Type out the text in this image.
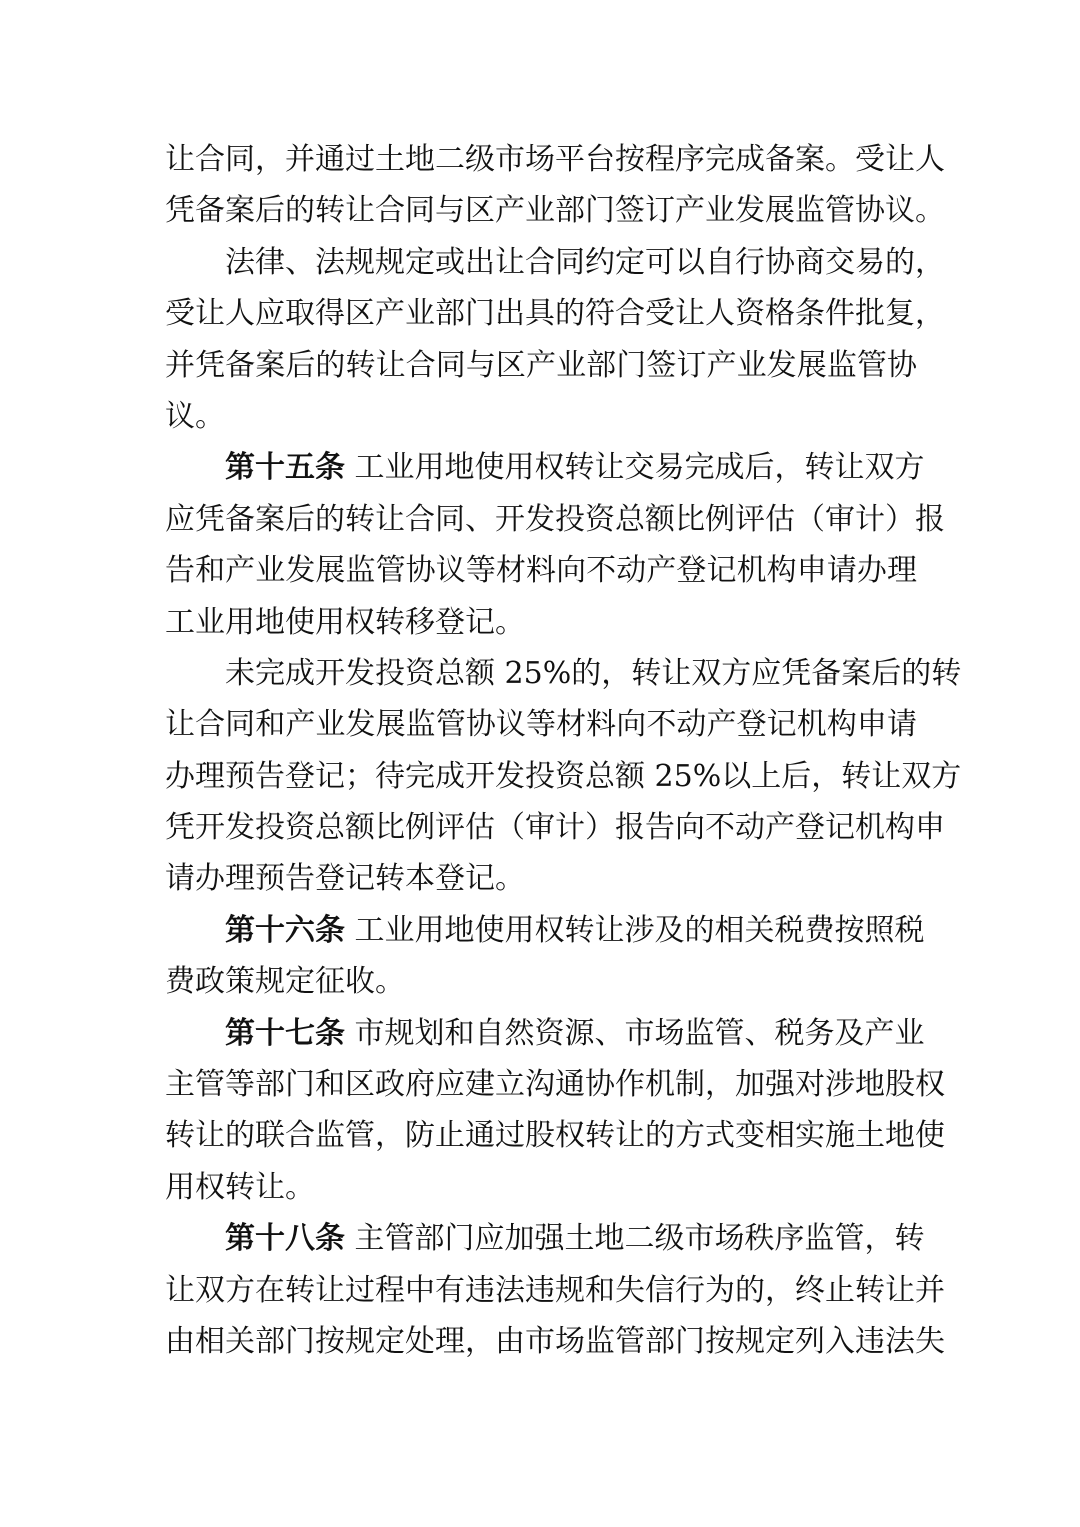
让合同，并通过土地二级市场平台按程序完成备案。受让人
凭备案后的转让合同与区产业部门签订产业发展监管协议。
法律、法规规定或出让合同约定可以自行协商交易的，
受让人应取得区产业部门出具的符合受让人资格条件批复，
并凭备案后的转让合同与区产业部门签订产业发展监管协
议。
第十五条 工业用地使用权转让交易完成后，转让双方
应凭备案后的转让合同、开发投资总额比例评估（审计）报
告和产业发展监管协议等材料向不动产登记机构申请办理
工业用地使用权转移登记。
未完成开发投资总额 25%的，转让双方应凭备案后的转
让合同和产业发展监管协议等材料向不动产登记机构申请
办理预告登记；待完成开发投资总额 25%以上后，转让双方
凭开发投资总额比例评估（审计）报告向不动产登记机构申
请办理预告登记转本登记。
第十六条 工业用地使用权转让涉及的相关税费按照税
费政策规定征收。
第十七条 市规划和自然资源、市场监管、税务及产业
主管等部门和区政府应建立沟通协作机制，加强对涉地股权
转让的联合监管，防止通过股权转让的方式变相实施土地使
用权转让。
第十八条 主管部门应加强土地二级市场秩序监管，转
让双方在转让过程中有违法违规和失信行为的，终止转让并
由相关部门按规定处理，由市场监管部门按规定列入违法失
